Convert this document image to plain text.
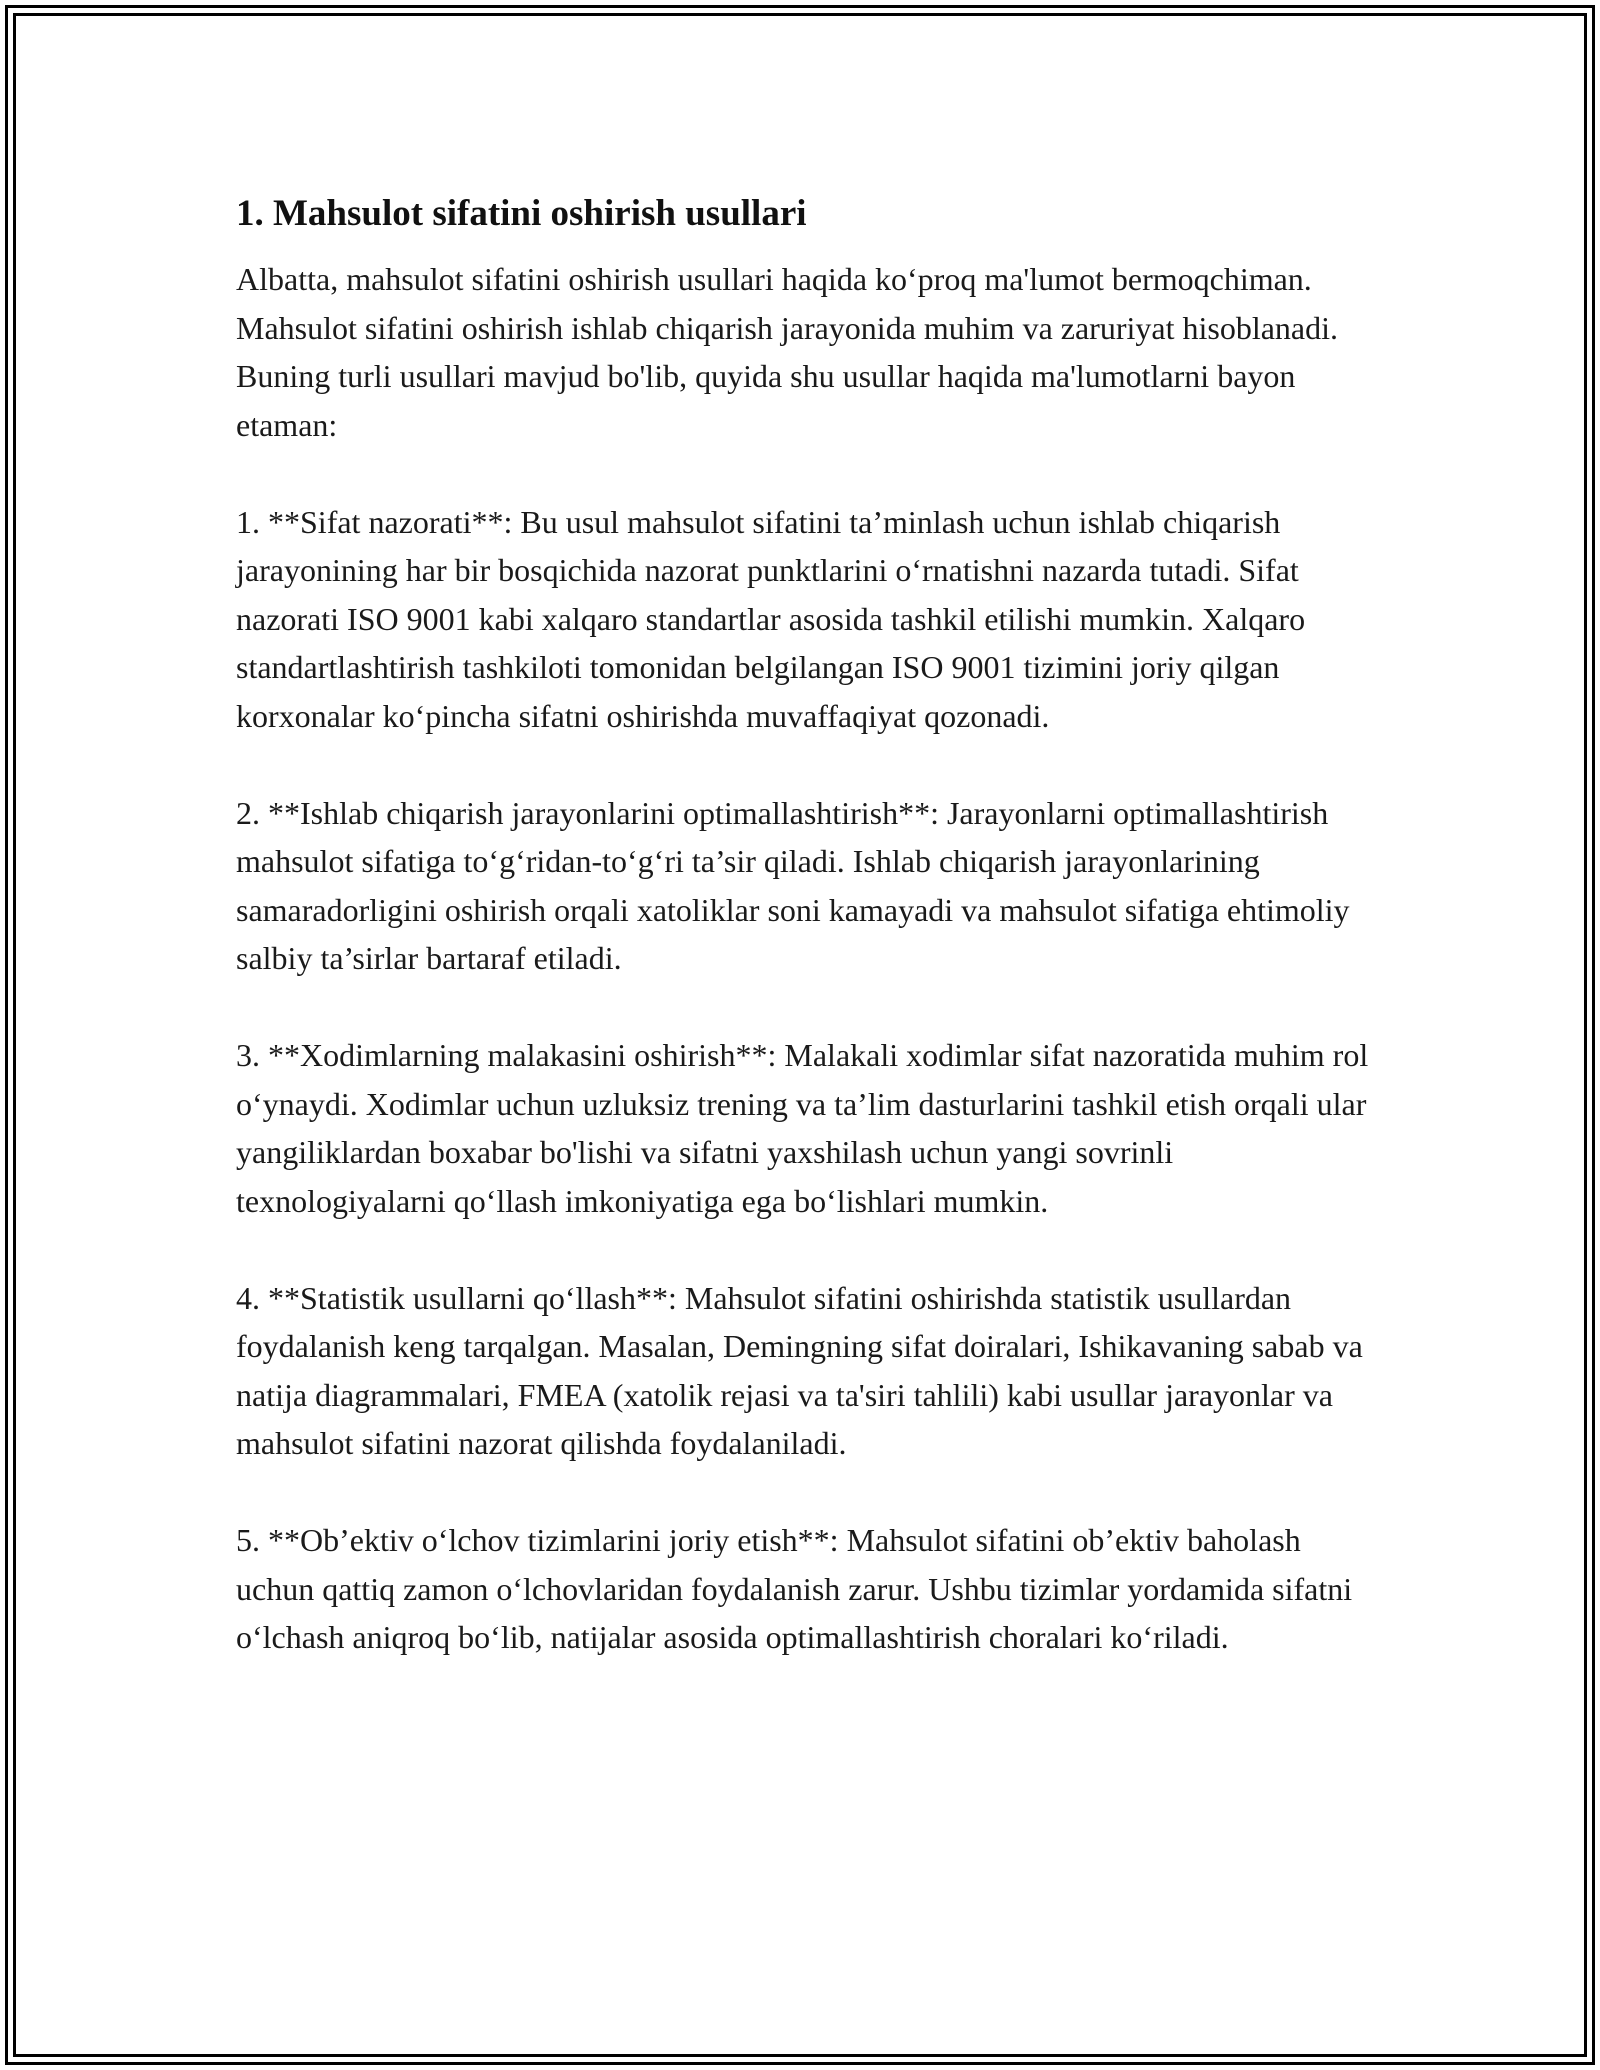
1. Mahsulot sifatini oshirish usullari

Albatta, mahsulot sifatini oshirish usullari haqida ko‘proq ma'lumot bermoqchiman. Mahsulot sifatini oshirish ishlab chiqarish jarayonida muhim va zaruriyat hisoblanadi. Buning turli usullari mavjud bo'lib, quyida shu usullar haqida ma'lumotlarni bayon etaman:

1. **Sifat nazorati**: Bu usul mahsulot sifatini ta’minlash uchun ishlab chiqarish jarayonining har bir bosqichida nazorat punktlarini o‘rnatishni nazarda tutadi. Sifat nazorati ISO 9001 kabi xalqaro standartlar asosida tashkil etilishi mumkin. Xalqaro standartlashtirish tashkiloti tomonidan belgilangan ISO 9001 tizimini joriy qilgan korxonalar ko‘pincha sifatni oshirishda muvaffaqiyat qozonadi.

2. **Ishlab chiqarish jarayonlarini optimallashtirish**: Jarayonlarni optimallashtirish mahsulot sifatiga to‘g‘ridan-to‘g‘ri ta’sir qiladi. Ishlab chiqarish jarayonlarining samaradorligini oshirish orqali xatoliklar soni kamayadi va mahsulot sifatiga ehtimoliy salbiy ta’sirlar bartaraf etiladi.

3. **Xodimlarning malakasini oshirish**: Malakali xodimlar sifat nazoratida muhim rol o‘ynaydi. Xodimlar uchun uzluksiz trening va ta’lim dasturlarini tashkil etish orqali ular yangiliklardan boxabar bo'lishi va sifatni yaxshilash uchun yangi sovrinli texnologiyalarni qo‘llash imkoniyatiga ega bo‘lishlari mumkin.

4. **Statistik usullarni qo‘llash**: Mahsulot sifatini oshirishda statistik usullardan foydalanish keng tarqalgan. Masalan, Demingning sifat doiralari, Ishikavaning sabab va natija diagrammalari, FMEA (xatolik rejasi va ta'siri tahlili) kabi usullar jarayonlar va mahsulot sifatini nazorat qilishda foydalaniladi.

5. **Ob’ektiv o‘lchov tizimlarini joriy etish**: Mahsulot sifatini ob’ektiv baholash uchun qattiq zamon o‘lchovlaridan foydalanish zarur. Ushbu tizimlar yordamida sifatni o‘lchash aniqroq bo‘lib, natijalar asosida optimallashtirish choralari ko‘riladi.
